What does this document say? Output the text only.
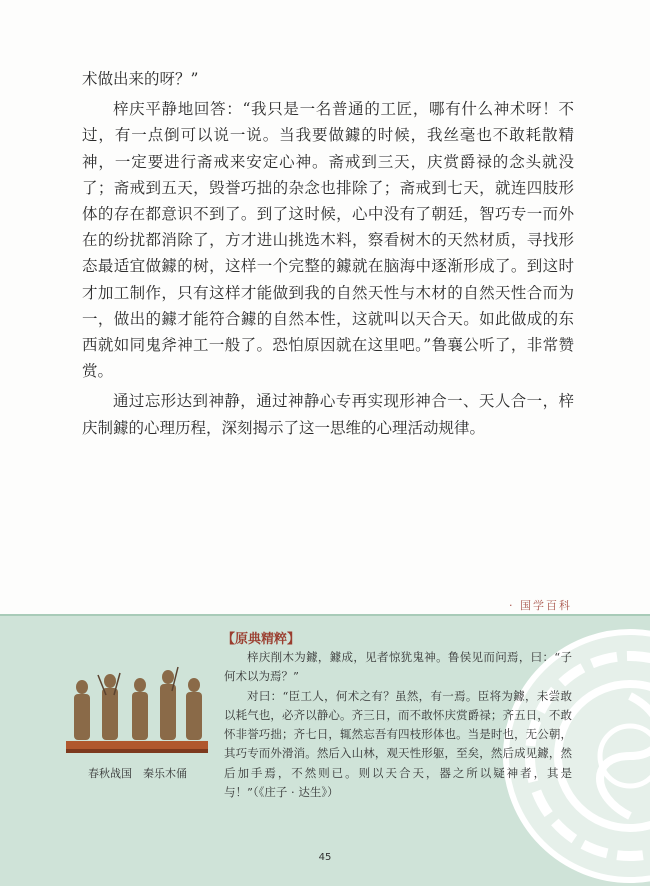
术做出来的呀？”

梓庆平静地回答：“我只是一名普通的工匠，哪有什么神术呀！不过，有一点倒可以说一说。当我要做鐻的时候，我丝毫也不敢耗散精神，一定要进行斋戒来安定心神。斋戒到三天，庆赏爵禄的念头就没了；斋戒到五天，毁誉巧拙的杂念也排除了；斋戒到七天，就连四肢形体的存在都意识不到了。到了这时候，心中没有了朝廷，智巧专一而外在的纷扰都消除了，方才进山挑选木料，察看树木的天然材质，寻找形态最适宜做鐻的树，这样一个完整的鐻就在脑海中逐渐形成了。到这时才加工制作，只有这样才能做到我的自然天性与木材的自然天性合而为一，做出的鐻才能符合鐻的自然本性，这就叫以天合天。如此做成的东西就如同鬼斧神工一般了。恐怕原因就在这里吧。”鲁襄公听了，非常赞赏。

通过忘形达到神静，通过神静心专再实现形神合一、天人合一，梓庆制鐻的心理历程，深刻揭示了这一思维的心理活动规律。

· 国学百科
春秋战国　秦乐木俑
【原典精粹】

梓庆削木为鐻，鐻成，见者惊犹鬼神。鲁侯见而问焉，曰：“子何术以为焉？”

对曰：“臣工人，何术之有？虽然，有一焉。臣将为鐻，未尝敢以耗气也，必齐以静心。齐三日，而不敢怀庆赏爵禄；齐五日，不敢怀非誉巧拙；齐七日，辄然忘吾有四枝形体也。当是时也，无公朝，其巧专而外滑消。然后入山林，观天性形躯，至矣，然后成见鐻，然后加手焉，不然则已。则以天合天，器之所以疑神者，其是与！”（《庄子 · 达生》）

45
